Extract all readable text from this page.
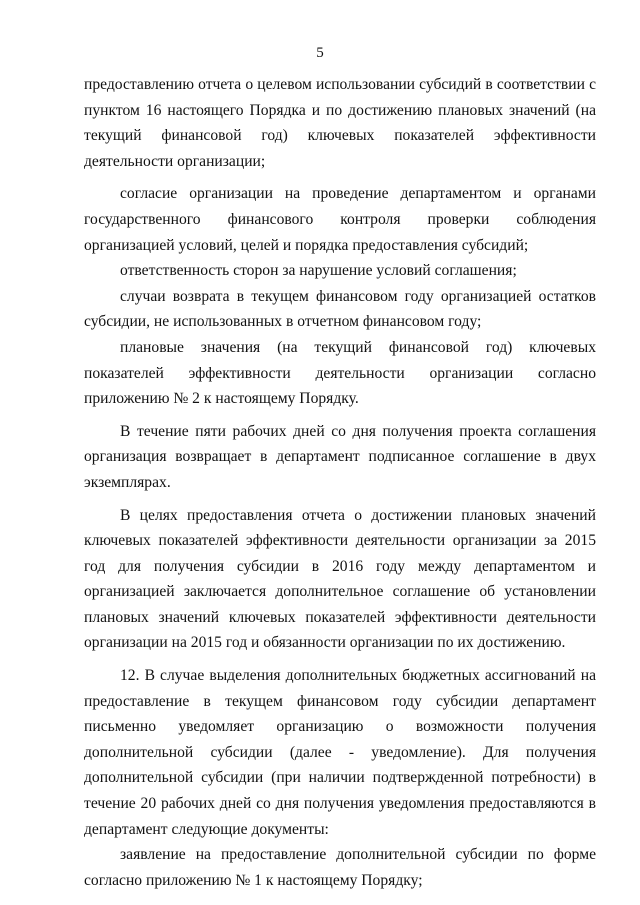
5

предоставлению отчета о целевом использовании субсидий в соответствии с пунктом 16 настоящего Порядка и по достижению плановых значений (на текущий финансовой год) ключевых показателей эффективности деятельности организации;

согласие организации на проведение департаментом и органами государственного финансового контроля проверки соблюдения организацией условий, целей и порядка предоставления субсидий;

ответственность сторон за нарушение условий соглашения;

случаи возврата в текущем финансовом году организацией остатков субсидии, не использованных в отчетном финансовом году;

плановые значения (на текущий финансовой год) ключевых показателей эффективности деятельности организации согласно приложению № 2 к настоящему Порядку.

В течение пяти рабочих дней со дня получения проекта соглашения организация возвращает в департамент подписанное соглашение в двух экземплярах.

В целях предоставления отчета о достижении плановых значений ключевых показателей эффективности деятельности организации за 2015 год для получения субсидии в 2016 году между департаментом и организацией заключается дополнительное соглашение об установлении плановых значений ключевых показателей эффективности деятельности организации на 2015 год и обязанности организации по их достижению.

12. В случае выделения дополнительных бюджетных ассигнований на предоставление в текущем финансовом году субсидии департамент письменно уведомляет организацию о возможности получения дополнительной субсидии (далее - уведомление). Для получения дополнительной субсидии (при наличии подтвержденной потребности) в течение 20 рабочих дней со дня получения уведомления предоставляются в департамент следующие документы:

заявление на предоставление дополнительной субсидии по форме согласно приложению № 1 к настоящему Порядку;
